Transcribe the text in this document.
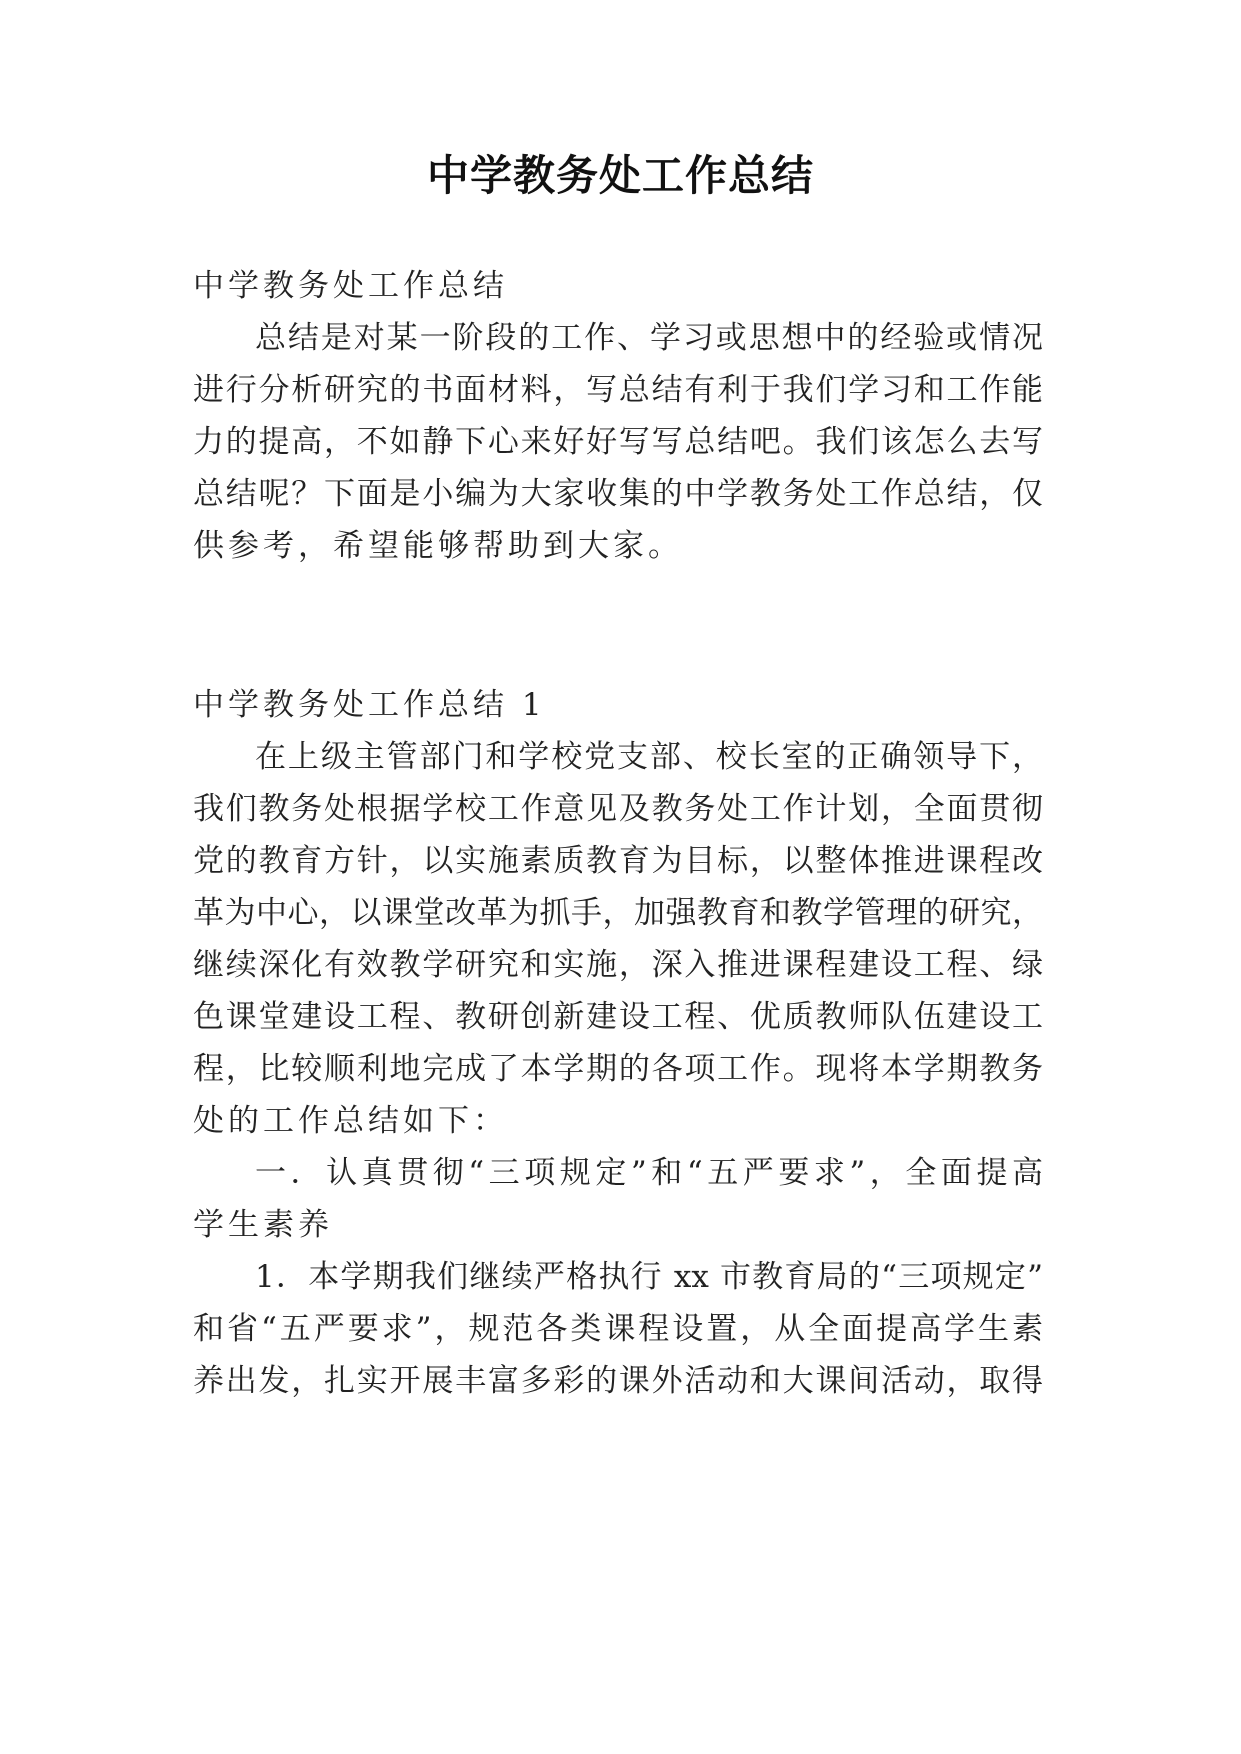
中学教务处工作总结
中学教务处工作总结
总结是对某一阶段的工作、学习或思想中的经验或情况
进行分析研究的书面材料，写总结有利于我们学习和工作能
力的提高，不如静下心来好好写写总结吧。我们该怎么去写
总结呢？下面是小编为大家收集的中学教务处工作总结，仅
供参考，希望能够帮助到大家。
中学教务处工作总结 1
在上级主管部门和学校党支部、校长室的正确领导下，
我们教务处根据学校工作意见及教务处工作计划，全面贯彻
党的教育方针，以实施素质教育为目标，以整体推进课程改
革为中心，以课堂改革为抓手，加强教育和教学管理的研究，
继续深化有效教学研究和实施，深入推进课程建设工程、绿
色课堂建设工程、教研创新建设工程、优质教师队伍建设工
程，比较顺利地完成了本学期的各项工作。现将本学期教务
处的工作总结如下：
一．认真贯彻“三项规定”和“五严要求”，全面提高
学生素养
1．本学期我们继续严格执行 xx 市教育局的“三项规定”
和省“五严要求”，规范各类课程设置，从全面提高学生素
养出发，扎实开展丰富多彩的课外活动和大课间活动，取得
